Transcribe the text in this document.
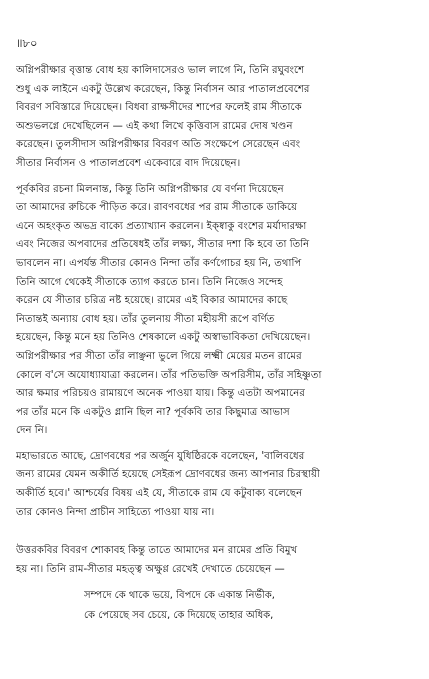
॥৮০
অগ্নিপরীক্ষার বৃত্তান্ত বোধ হয় কালিদাসেরও ভাল লাগে নি, তিনি রঘুবংশে
শুধু এক লাইনে একটু উল্লেখ করেছেন, কিন্তু নির্বাসন আর পাতালপ্রবেশের
বিবরণ সবিস্তারে দিয়েছেন। বিধবা রাক্ষসীদের শাপের ফলেই রাম সীতাকে
অশুভলগ্নে দেখেছিলেন — এই কথা লিখে কৃত্তিবাস রামের দোষ খণ্ডন
করেছেন। তুলসীদাস অগ্নিপরীক্ষার বিবরণ অতি সংক্ষেপে সেরেছেন এবং
সীতার নির্বাসন ও পাতালপ্রবেশ একেবারে বাদ দিয়েছেন।
পূর্বকবির রচনা মিলনান্ত, কিন্তু তিনি অগ্নিপরীক্ষার যে বর্ণনা দিয়েছেন
তা আমাদের রুচিকে পীড়িত করে। রাবণবধের পর রাম সীতাকে ডাকিয়ে
এনে অহংকৃত অভদ্র বাক্যে প্রত্যাখ্যান করলেন। ইক্ষ্বাকু বংশের মর্যাদারক্ষা
এবং নিজের অপবাদের প্রতিষেধই তাঁর লক্ষ্য, সীতার দশা কি হবে তা তিনি
ভাবলেন না। এপর্যন্ত সীতার কোনও নিন্দা তাঁর কর্ণগোচর হয় নি, তথাপি
তিনি আগে থেকেই সীতাকে ত্যাগ করতে চান। তিনি নিজেও সন্দেহ
করেন যে সীতার চরিত্র নষ্ট হয়েছে। রামের এই বিকার আমাদের কাছে
নিতান্তই অন্যায় বোধ হয়। তাঁর তুলনায় সীতা মহীয়সী রূপে বর্ণিত
হয়েছেন, কিন্তু মনে হয় তিনিও শেষকালে একটু অস্বাভাবিকতা দেখিয়েছেন।
অগ্নিপরীক্ষার পর সীতা তাঁর লাঞ্ছনা ভুলে গিয়ে লক্ষ্মী মেয়ের মতন রামের
কোলে ব'সে অযোধ্যাযাত্রা করলেন। তাঁর পতিভক্তি অপরিসীম, তাঁর সহিষ্ণুতা
আর ক্ষমার পরিচয়ও রামায়ণে অনেক পাওয়া যায়। কিন্তু এতটা অপমানের
পর তাঁর মনে কি একটুও গ্লানি ছিল না? পূর্বকবি তার কিছুমাত্র আভাস
দেন নি।
মহাভারতে আছে, দ্রোণবধের পর অর্জুন যুধিষ্ঠিরকে বলেছেন, 'বালিবধের
জন্য রামের যেমন অকীর্তি হয়েছে সেইরূপ দ্রোণবধের জন্য আপনার চিরস্থায়ী
অকীর্তি হবে।' আশ্চর্যের বিষয় এই যে, সীতাকে রাম যে কটুবাক্য বলেছেন
তার কোনও নিন্দা প্রাচীন সাহিত্যে পাওয়া যায় না।
উত্তরকবির বিবরণ শোকাবহ কিন্তু তাতে আমাদের মন রামের প্রতি বিমুখ
হয় না। তিনি রাম-সীতার মহত্ত্ব অক্ষুণ্ণ রেখেই দেখাতে চেয়েছেন —
সম্পদে কে থাকে ভয়ে, বিপদে কে একান্ত নির্ভীক,
কে পেয়েছে সব চেয়ে, কে দিয়েছে তাহার অধিক,
